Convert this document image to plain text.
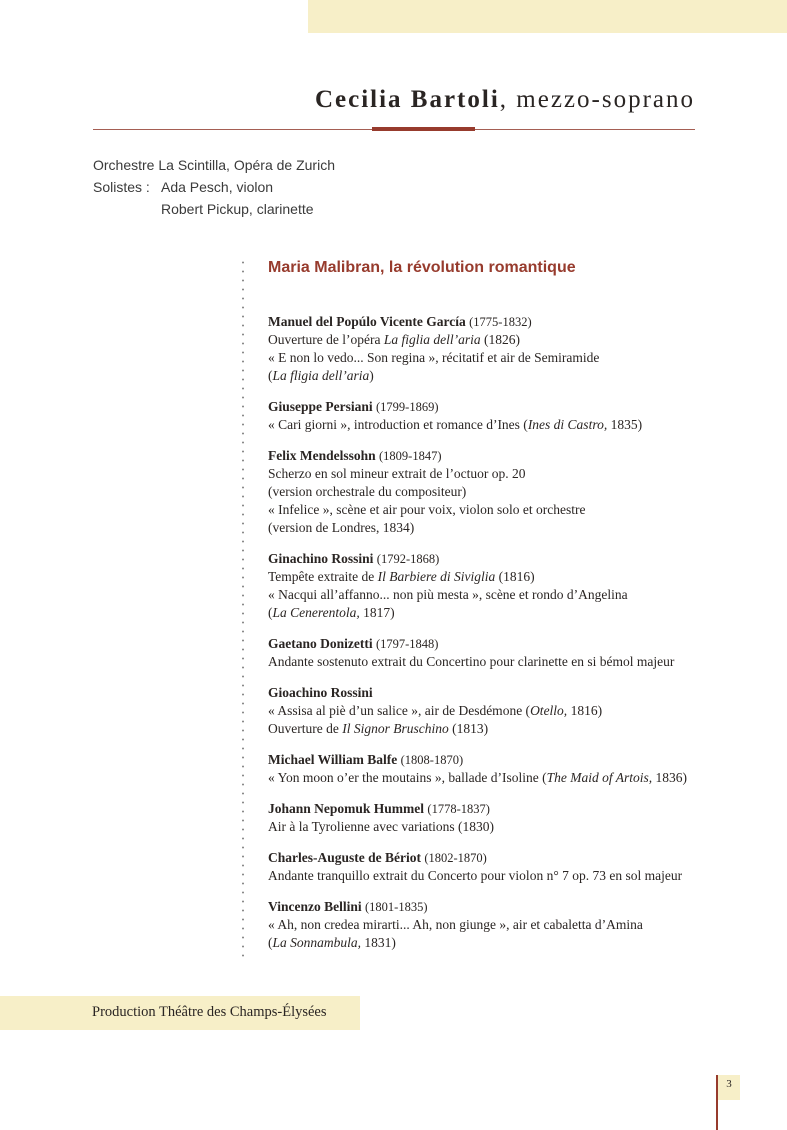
Cecilia Bartoli, mezzo-soprano
Orchestre La Scintilla, Opéra de Zurich
Solistes : Ada Pesch, violon
Robert Pickup, clarinette
Maria Malibran, la révolution romantique
Manuel del Popúlo Vicente García (1775-1832)
Ouverture de l’opéra La figlia dell’aria (1826)
« E non lo vedo... Son regina », récitatif et air de Semiramide
(La fligia dell’aria)
Giuseppe Persiani (1799-1869)
« Cari giorni », introduction et romance d’Ines (Ines di Castro, 1835)
Felix Mendelssohn (1809-1847)
Scherzo en sol mineur extrait de l’octuor op. 20
(version orchestrale du compositeur)
« Infelice », scène et air pour voix, violon solo et orchestre
(version de Londres, 1834)
Ginachino Rossini (1792-1868)
Tempête extraite de Il Barbiere di Siviglia (1816)
« Nacqui all’affanno... non più mesta », scène et rondo d’Angelina
(La Cenerentola, 1817)
Gaetano Donizetti (1797-1848)
Andante sostenuto extrait du Concertino pour clarinette en si bémol majeur
Gioachino Rossini
« Assisa al piè d’un salice », air de Desdémone (Otello, 1816)
Ouverture de Il Signor Bruschino (1813)
Michael William Balfe (1808-1870)
« Yon moon o’er the moutains », ballade d’Isoline (The Maid of Artois, 1836)
Johann Nepomuk Hummel (1778-1837)
Air à la Tyrolienne avec variations (1830)
Charles-Auguste de Bériot (1802-1870)
Andante tranquillo extrait du Concerto pour violon n° 7 op. 73 en sol majeur
Vincenzo Bellini (1801-1835)
« Ah, non credea mirarti... Ah, non giunge », air et cabaletta d’Amina
(La Sonnambula, 1831)
Production Théâtre des Champs-Élysées
3
